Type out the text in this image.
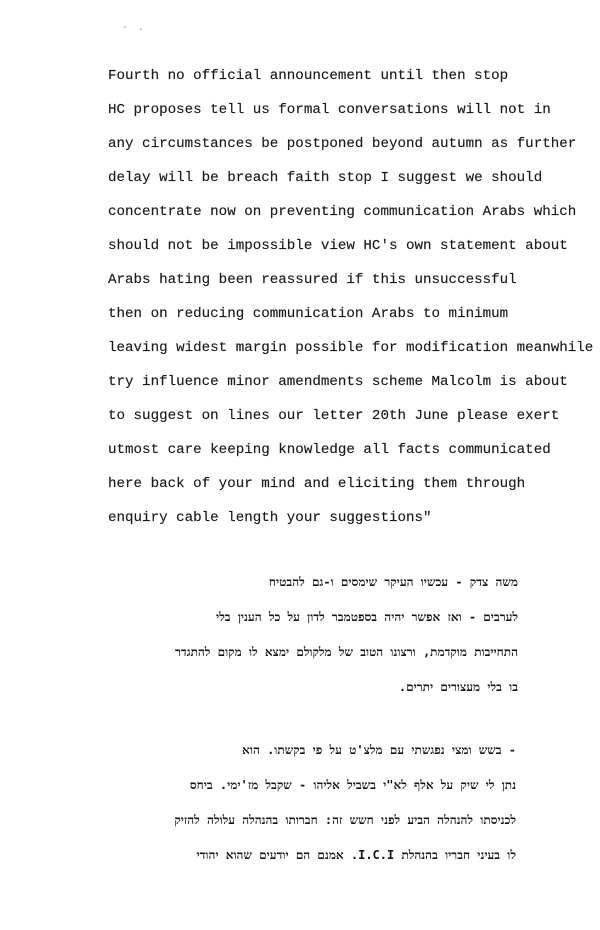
- .
Fourth no official announcement until then stop
HC proposes tell us formal conversations will not in
any circumstances be postponed beyond autumn as further
delay will be breach faith stop I suggest we should
concentrate now on preventing communication Arabs which
should not be impossible view HC's own statement about
Arabs hating been reassured if this unsuccessful
then on reducing communication Arabs to minimum
leaving widest margin possible for modification meanwhile
try influence minor amendments scheme Malcolm is about
to suggest on lines our letter 20th June please exert
utmost care keeping knowledge all facts communicated
here back of your mind and eliciting them through
enquiry cable length your suggestions"
משה צדק - עכשיו העיקר שימסים ו-גם להבטיח
לערבים - ואז אפשר יהיה בספטמבר לדון על כל הענין בלי
התחייבות מוקדמת, ורצונו הטוב של מלקולם ימצא לו מקום להתגדר
בו בלי מעצורים יתרים.
- בשש ומצי נפגשתי עם מלצ'ט על פי בקשתו. הוא
נתן לי שיק על אלף לא"י בשביל אליהו - שקבל מז'ימי. ביחס
לכניסתו להנהלה הביע לפני חשש זה: חברותו בהנהלה עלולה להזיק
לו בעיני חבריו בהנהלת I.C.I. אמנם הם יודעים שהוא יהודי
